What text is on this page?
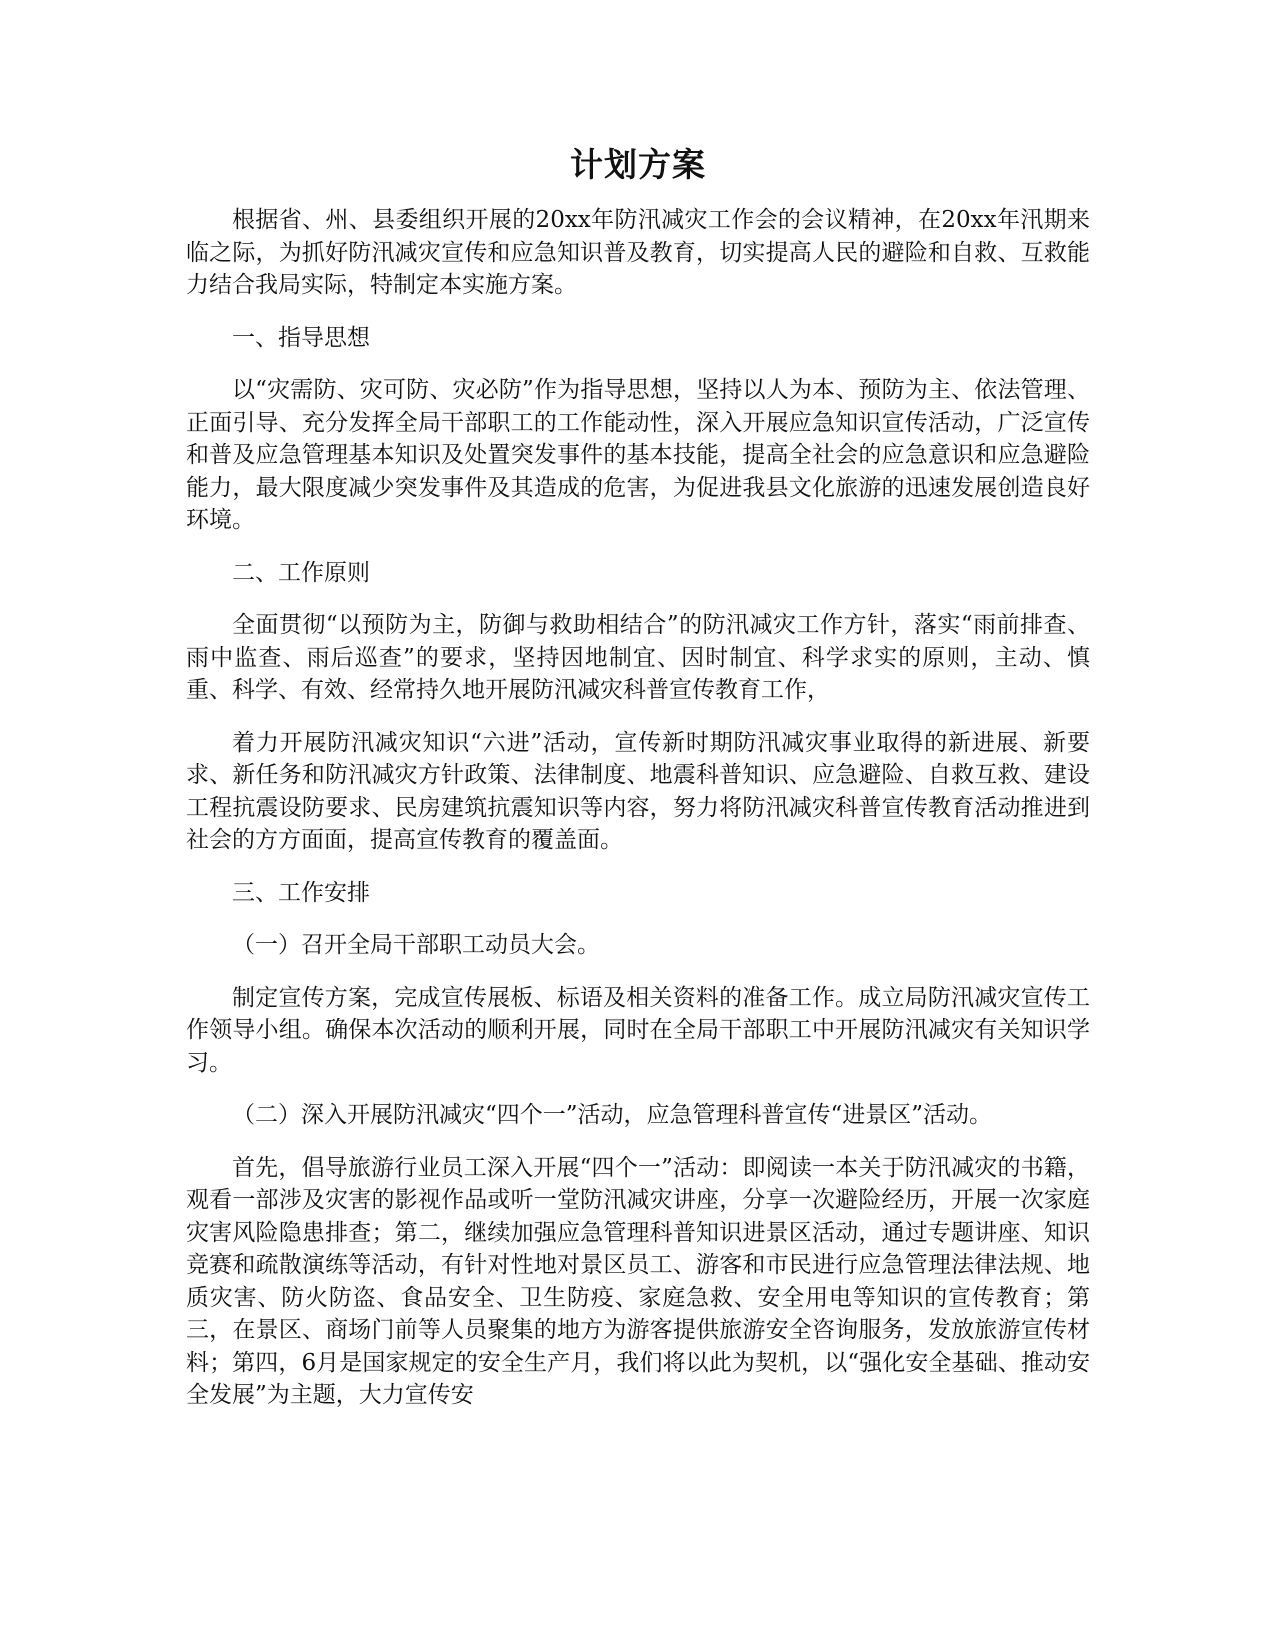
计划方案

根据省、州、县委组织开展的20xx年防汛减灾工作会的会议精神，在20xx年汛期来临之际，为抓好防汛减灾宣传和应急知识普及教育，切实提高人民的避险和自救、互救能力结合我局实际，特制定本实施方案。

一、指导思想

以“灾需防、灾可防、灾必防”作为指导思想，坚持以人为本、预防为主、依法管理、正面引导、充分发挥全局干部职工的工作能动性，深入开展应急知识宣传活动，广泛宣传和普及应急管理基本知识及处置突发事件的基本技能，提高全社会的应急意识和应急避险能力，最大限度减少突发事件及其造成的危害，为促进我县文化旅游的迅速发展创造良好环境。

二、工作原则

全面贯彻“以预防为主，防御与救助相结合”的防汛减灾工作方针，落实“雨前排查、雨中监查、雨后巡查”的要求，坚持因地制宜、因时制宜、科学求实的原则，主动、慎重、科学、有效、经常持久地开展防汛减灾科普宣传教育工作，

着力开展防汛减灾知识“六进”活动，宣传新时期防汛减灾事业取得的新进展、新要求、新任务和防汛减灾方针政策、法律制度、地震科普知识、应急避险、自救互救、建设工程抗震设防要求、民房建筑抗震知识等内容，努力将防汛减灾科普宣传教育活动推进到社会的方方面面，提高宣传教育的覆盖面。

三、工作安排

（一）召开全局干部职工动员大会。

制定宣传方案，完成宣传展板、标语及相关资料的准备工作。成立局防汛减灾宣传工作领导小组。确保本次活动的顺利开展，同时在全局干部职工中开展防汛减灾有关知识学习。

（二）深入开展防汛减灾“四个一”活动，应急管理科普宣传“进景区”活动。

首先，倡导旅游行业员工深入开展“四个一”活动：即阅读一本关于防汛减灾的书籍，观看一部涉及灾害的影视作品或听一堂防汛减灾讲座，分享一次避险经历，开展一次家庭灾害风险隐患排查；第二，继续加强应急管理科普知识进景区活动，通过专题讲座、知识竞赛和疏散演练等活动，有针对性地对景区员工、游客和市民进行应急管理法律法规、地质灾害、防火防盗、食品安全、卫生防疫、家庭急救、安全用电等知识的宣传教育；第三，在景区、商场门前等人员聚集的地方为游客提供旅游安全咨询服务，发放旅游宣传材料；第四，6月是国家规定的安全生产月，我们将以此为契机，以“强化安全基础、推动安全发展”为主题，大力宣传安
